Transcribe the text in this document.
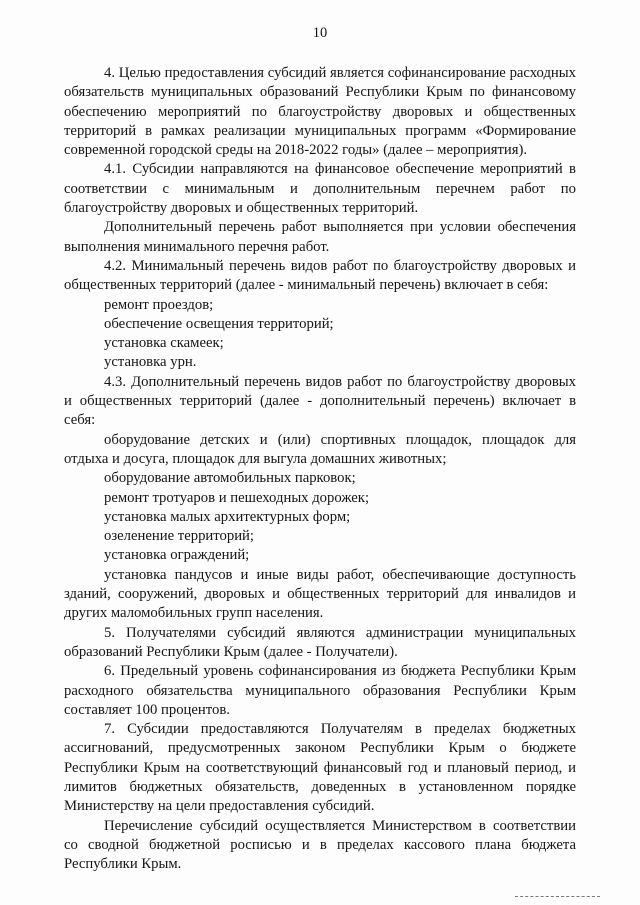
10

4. Целью предоставления субсидий является софинансирование расходных обязательств муниципальных образований Республики Крым по финансовому обеспечению мероприятий по благоустройству дворовых и общественных территорий в рамках реализации муниципальных программ «Формирование современной городской среды на 2018-2022 годы» (далее – мероприятия).

4.1. Субсидии направляются на финансовое обеспечение мероприятий в соответствии с минимальным и дополнительным перечнем работ по благоустройству дворовых и общественных территорий.

Дополнительный перечень работ выполняется при условии обеспечения выполнения минимального перечня работ.

4.2. Минимальный перечень видов работ по благоустройству дворовых и общественных территорий (далее - минимальный перечень) включает в себя:

ремонт проездов;

обеспечение освещения территорий;

установка скамеек;

установка урн.

4.3. Дополнительный перечень видов работ по благоустройству дворовых и общественных территорий (далее - дополнительный перечень) включает в себя:

оборудование детских и (или) спортивных площадок, площадок для отдыха и досуга, площадок для выгула домашних животных;

оборудование автомобильных парковок;

ремонт тротуаров и пешеходных дорожек;

установка малых архитектурных форм;

озеленение территорий;

установка ограждений;

установка пандусов и иные виды работ, обеспечивающие доступность зданий, сооружений, дворовых и общественных территорий для инвалидов и других маломобильных групп населения.

5. Получателями субсидий являются администрации муниципальных образований Республики Крым (далее - Получатели).

6. Предельный уровень софинансирования из бюджета Республики Крым расходного обязательства муниципального образования Республики Крым составляет 100 процентов.

7. Субсидии предоставляются Получателям в пределах бюджетных ассигнований, предусмотренных законом Республики Крым о бюджете Республики Крым на соответствующий финансовый год и плановый период, и лимитов бюджетных обязательств, доведенных в установленном порядке Министерству на цели предоставления субсидий.

Перечисление субсидий осуществляется Министерством в соответствии со сводной бюджетной росписью и в пределах кассового плана бюджета Республики Крым.
